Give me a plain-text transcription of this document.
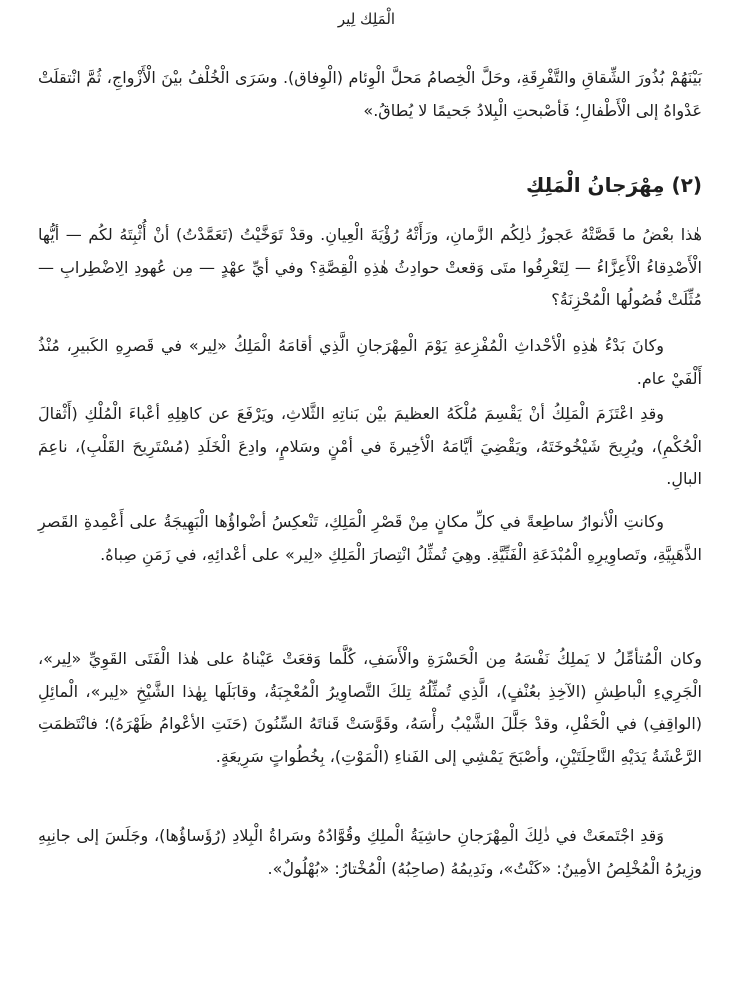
الْمَلِك لِير

بَيْنَهُمْ بُذُورَ الشِّقاقِ والتَّفْرِقَةِ، وحَلَّ الْخِصامُ مَحلَّ الْوِئام (الْوِفاق). وسَرَى الْخُلْفُ بيْنَ الْأَزْواجِ، ثُمَّ انْتقلَتْ عَدْواهُ إلى الْأَطْفالِ؛ فَأصْبحتِ الْبِلادُ جَحيمًا لا يُطاقُ.»

(٢) مِهْرَجانُ الْمَلِكِ

هٰذا بعْضُ ما قَصَّتْهُ عَجوزُ ذٰلِكُم الزَّمانِ، ورَأَتْهُ رُؤْيَةَ الْعِيانِ. وقدْ تَوَخَّيْتُ (تَعَمَّدْتُ) أنْ أُثْبِتَهُ لكُم — أيُّها الْأَصْدِقاءُ الْأَعِزَّاءُ — لِتَعْرِفُوا متَى وَقعتْ حوادِثُ هٰذِهِ الْقِصَّةِ؟ وفي أيِّ عهْدٍ — مِن عُهودِ الِاضْطِرابِ — مُثِّلَتْ فُصُولُها الْمُحْزِنَةُ؟

وكانَ بَدْءُ هٰذِهِ الْأحْداثِ الْمُفْزِعةِ يَوْمَ الْمِهْرَجانِ الَّذِي أقامَهُ الْمَلِكُ «لِير» في قَصرِهِ الكَبيرِ، مُنْذُ أَلْفَيْ عام.

وقدِ اعْتَزَمَ الْمَلِكُ أنْ يَقْسِمَ مُلْكَهُ العظيمَ بيْن بَناتِهِ الثَّلاثِ، ويَرْفَعَ عن كاهِلِهِ أعْباءَ الْمُلْكِ (أَثْقالَ الْحُكْمِ)، ويُرِيحَ شَيْخُوخَتَهُ، ويَقْضِيَ أيَّامَهُ الْأخِيرةَ في أمْنٍ وسَلامٍ، وادِعَ الْخَلَدِ (مُسْتَرِيحَ القَلْبِ)، ناعِمَ البالِ.

وكانتِ الْأنوارُ ساطِعةً في كلِّ مكانٍ مِنْ قَصْرِ الْمَلِكِ، تَنْعكِسُ أضْواؤُها الْبَهِيجَةُ على أَعْمِدةِ القَصرِ الذَّهَبِيَّةِ، وتَصاوِيرِهِ الْمُبْدَعَةِ الْفَنِّيَّةِ. وهِيَ تُمثِّلُ انْتِصارَ الْمَلِكِ «لِير» على أعْدائِهِ، في زَمَنِ صِباهُ.

وكان الْمُتأمِّلُ لا يَملِكُ نَفْسَهُ مِن الْحَسْرَةِ والْأَسَفِ، كُلَّما وَقعَتْ عَيْناهُ على هٰذا الْفَتَى القَوِيِّ «لِير»، الْجَرِيءِ الْباطِشِ (الآخِذِ بعُنْفٍ)، الَّذِي تُمثِّلُهُ تِلكَ التَّصاوِيرُ الْمُعْجِبَةُ، وقابَلَها بِهٰذا الشَّيْخِ «لِير»، الْمائِلِ (الواقِفِ) في الْحَفْلِ، وقدْ جَلَّلَ الشَّيْبُ رأْسَهُ، وقَوَّسَتْ قَناتَهُ السِّنُونَ (حَنَتِ الأعْوامُ ظَهْرَهُ)؛ فانْتَظمَتِ الرَّعْشَةُ يَدَيْهِ النَّاحِلَتَيْنِ، وأصْبَحَ يَمْشِي إلى الفَناءِ (الْمَوْتِ)، بِخُطُواتٍ سَرِيعَةٍ.

وَقدِ اجْتَمعَتْ في ذٰلِكَ الْمِهْرَجانِ حاشِيَةُ الْملِكِ وقُوَّادُهُ وسَراةُ الْبِلادِ (رُؤَساؤُها)، وجَلَسَ إلى جانِبِهِ وزِيرُهُ الْمُخْلِصُ الأمِينُ: «كَنْتُ»، ونَدِيمُهُ (صاحِبُهُ) الْمُخْتارُ: «بُهْلُولٌ».
